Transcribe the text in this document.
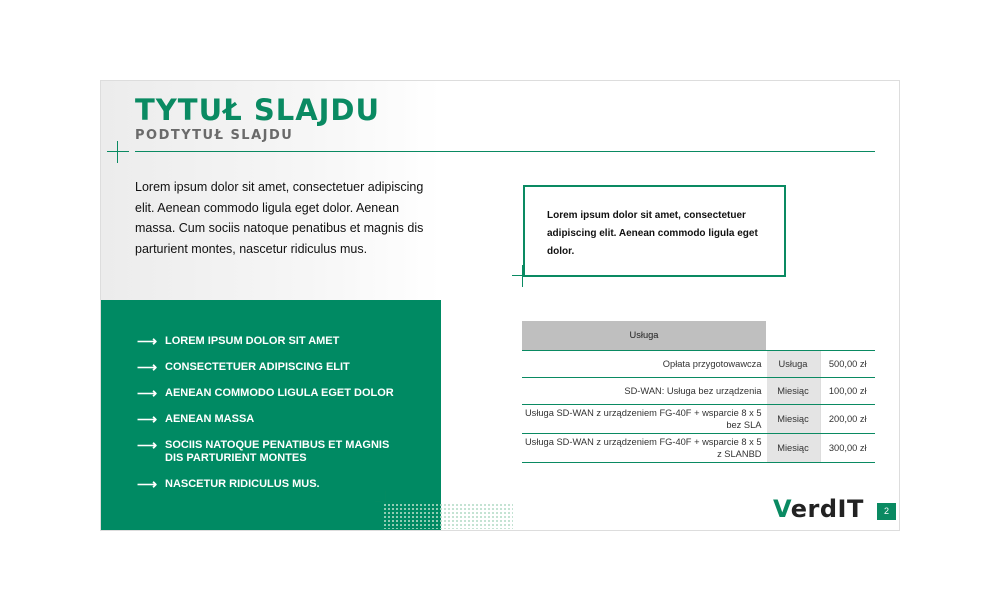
TYTUŁ SLAJDU
PODTYTUŁ SLAJDU
Lorem ipsum dolor sit amet, consectetuer adipiscing elit. Aenean commodo ligula eget dolor. Aenean massa. Cum sociis natoque penatibus et magnis dis parturient montes, nascetur ridiculus mus.
⟶ LOREM IPSUM DOLOR SIT AMET
⟶ CONSECTETUER ADIPISCING ELIT
⟶ AENEAN COMMODO LIGULA EGET DOLOR
⟶ AENEAN MASSA
⟶ SOCIIS NATOQUE PENATIBUS ET MAGNIS DIS PARTURIENT MONTES
⟶ NASCETUR RIDICULUS MUS.
Lorem ipsum dolor sit amet, consectetuer adipiscing elit. Aenean commodo ligula eget dolor.
Usługa		
Opłata przygotowawcza	Usługa	500,00 zł
SD-WAN: Usługa bez urządzenia	Miesiąc	100,00 zł
Usługa SD-WAN z urządzeniem FG-40F + wsparcie 8 x 5 bez SLA	Miesiąc	200,00 zł
Usługa SD-WAN z urządzeniem FG-40F + wsparcie 8 x 5 z SLANBD	Miesiąc	300,00 zł
VerdIT	2
